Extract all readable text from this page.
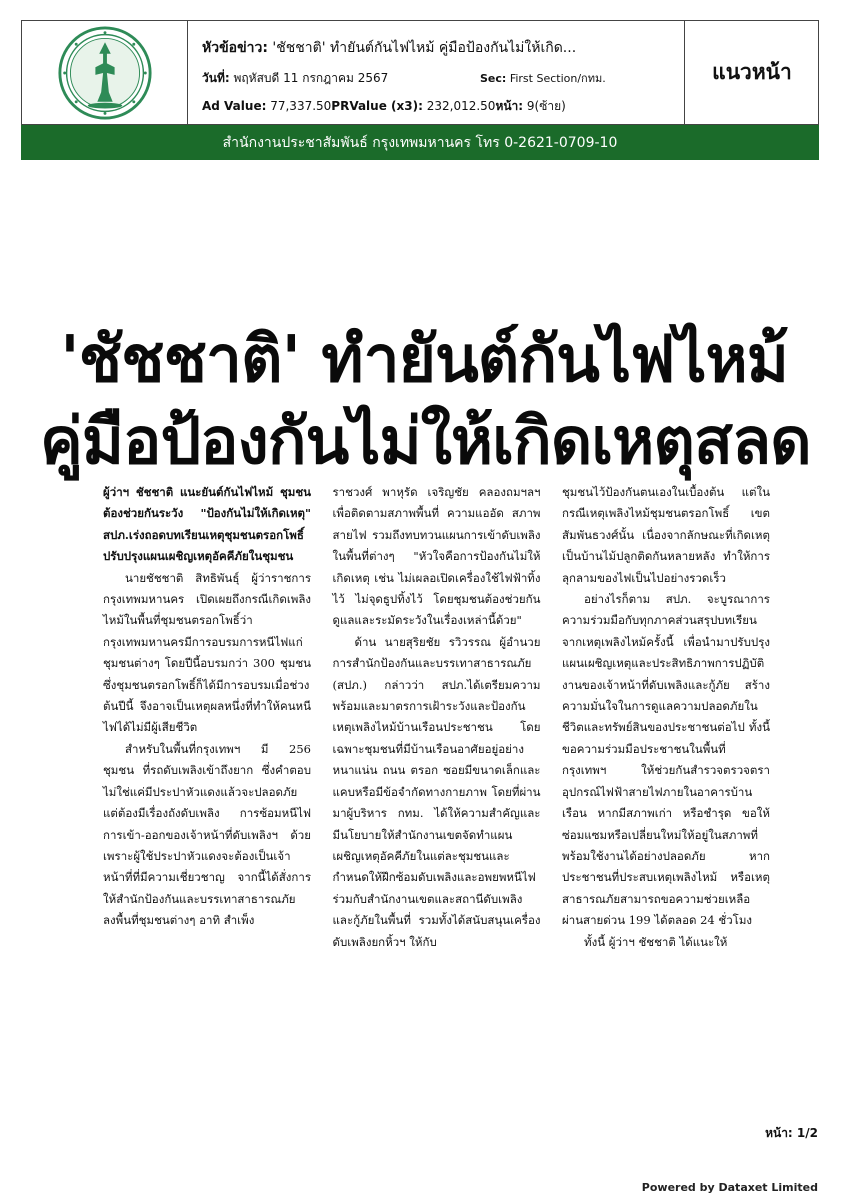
หัวข้อข่าว: 'ชัชชาติ' ทำยันต์กันไฟไหม้ คู่มือป้องกันไม่ให้เกิด...
วันที่: พฤหัสบดี 11 กรกฎาคม 2567	Sec: First Section/กทม.
Ad Value: 77,337.50PRValue (x3): 232,012.50หน้า: 9(ซ้าย)
แนวหน้า
สำนักงานประชาสัมพันธ์ กรุงเทพมหานคร โทร 0-2621-0709-10
'ชัชชาติ' ทำยันต์กันไฟไหม้
คู่มือป้องกันไม่ให้เกิดเหตุสลด

ผู้ว่าฯ ชัชชาติ แนะยันต์กันไฟไหม้ ชุมชนต้องช่วยกันระวัง "ป้องกันไม่ให้เกิดเหตุ" สปภ.เร่งถอดบทเรียนเหตุชุมชนตรอกโพธิ์ ปรับปรุงแผนเผชิญเหตุอัคคีภัยในชุมชน

นายชัชชาติ สิทธิพันธุ์ ผู้ว่าราชการกรุงเทพมหานคร เปิดเผยถึงกรณีเกิดเพลิงไหม้ในพื้นที่ชุมชนตรอกโพธิ์ว่า กรุงเทพมหานครมีการอบรมการหนีไฟแก่ชุมชนต่างๆ โดยปีนี้อบรมกว่า 300 ชุมชน ซึ่งชุมชนตรอกโพธิ์ก็ได้มีการอบรมเมื่อช่วงต้นปีนี้ จึงอาจเป็นเหตุผลหนึ่งที่ทำให้คนหนีไฟได้ไม่มีผู้เสียชีวิต

สำหรับในพื้นที่กรุงเทพฯ มี 256 ชุมชน ที่รถดับเพลิงเข้าถึงยาก ซึ่งคำตอบไม่ใช่แค่มีประปาหัวแดงแล้วจะปลอดภัย แต่ต้องมีเรื่องถังดับเพลิง การซ้อมหนีไฟ การเข้า-ออกของเจ้าหน้าที่ดับเพลิงฯ ด้วย เพราะผู้ใช้ประปาหัวแดงจะต้องเป็นเจ้าหน้าที่ที่มีความเชี่ยวชาญ จากนี้ได้สั่งการให้สำนักป้องกันและบรรเทาสาธารณภัยลงพื้นที่ชุมชนต่างๆ อาทิ สำเพ็ง

ราชวงศ์ พาหุรัด เจริญชัย คลองถมฯลฯ เพื่อติดตามสภาพพื้นที่ ความแออัด สภาพสายไฟ รวมถึงทบทวนแผนการเข้าดับเพลิงในพื้นที่ต่างๆ "หัวใจคือการป้องกันไม่ให้เกิดเหตุ เช่น ไม่เผลอเปิดเครื่องใช้ไฟฟ้าทิ้งไว้ ไม่จุดธูปทิ้งไว้ โดยชุมชนต้องช่วยกันดูแลและระมัดระวังในเรื่องเหล่านี้ด้วย"

ด้าน นายสุริยชัย รวิวรรณ ผู้อำนวยการสำนักป้องกันและบรรเทาสาธารณภัย (สปภ.) กล่าวว่า สปภ.ได้เตรียมความพร้อมและมาตรการเฝ้าระวังและป้องกันเหตุเพลิงไหม้บ้านเรือนประชาชน โดยเฉพาะชุมชนที่มีบ้านเรือนอาศัยอยู่อย่างหนาแน่น ถนน ตรอก ซอยมีขนาดเล็กและแคบหรือมีข้อจำกัดทางกายภาพ โดยที่ผ่านมาผู้บริหาร กทม. ได้ให้ความสำคัญและมีนโยบายให้สำนักงานเขตจัดทำแผนเผชิญเหตุอัคคีภัยในแต่ละชุมชนและกำหนดให้ฝึกซ้อมดับเพลิงและอพยพหนีไฟร่วมกับสำนักงานเขตและสถานีดับเพลิงและกู้ภัยในพื้นที่ รวมทั้งได้สนับสนุนเครื่องดับเพลิงยกหิ้วฯ ให้กับ

ชุมชนไว้ป้องกันตนเองในเบื้องต้น แต่ในกรณีเหตุเพลิงไหม้ชุมชนตรอกโพธิ์ เขตสัมพันธวงศ์นั้น เนื่องจากลักษณะที่เกิดเหตุเป็นบ้านไม้ปลูกติดกันหลายหลัง ทำให้การลุกลามของไฟเป็นไปอย่างรวดเร็ว

อย่างไรก็ตาม สปภ. จะบูรณาการความร่วมมือกับทุกภาคส่วนสรุปบทเรียนจากเหตุเพลิงไหม้ครั้งนี้ เพื่อนำมาปรับปรุงแผนเผชิญเหตุและประสิทธิภาพการปฏิบัติงานของเจ้าหน้าที่ดับเพลิงและกู้ภัย สร้างความมั่นใจในการดูแลความปลอดภัยในชีวิตและทรัพย์สินของประชาชนต่อไป ทั้งนี้ ขอความร่วมมือประชาชนในพื้นที่กรุงเทพฯ ให้ช่วยกันสำรวจตรวจตราอุปกรณ์ไฟฟ้าสายไฟภายในอาคารบ้านเรือน หากมีสภาพเก่า หรือชำรุด ขอให้ซ่อมแซมหรือเปลี่ยนใหม่ให้อยู่ในสภาพที่พร้อมใช้งานได้อย่างปลอดภัย หากประชาชนที่ประสบเหตุเพลิงไหม้ หรือเหตุสาธารณภัยสามารถขอความช่วยเหลือผ่านสายด่วน 199 ได้ตลอด 24 ชั่วโมง

ทั้งนี้ ผู้ว่าฯ ชัชชาติ ได้แนะให้

หน้า: 1/2
Powered by Dataxet Limited
